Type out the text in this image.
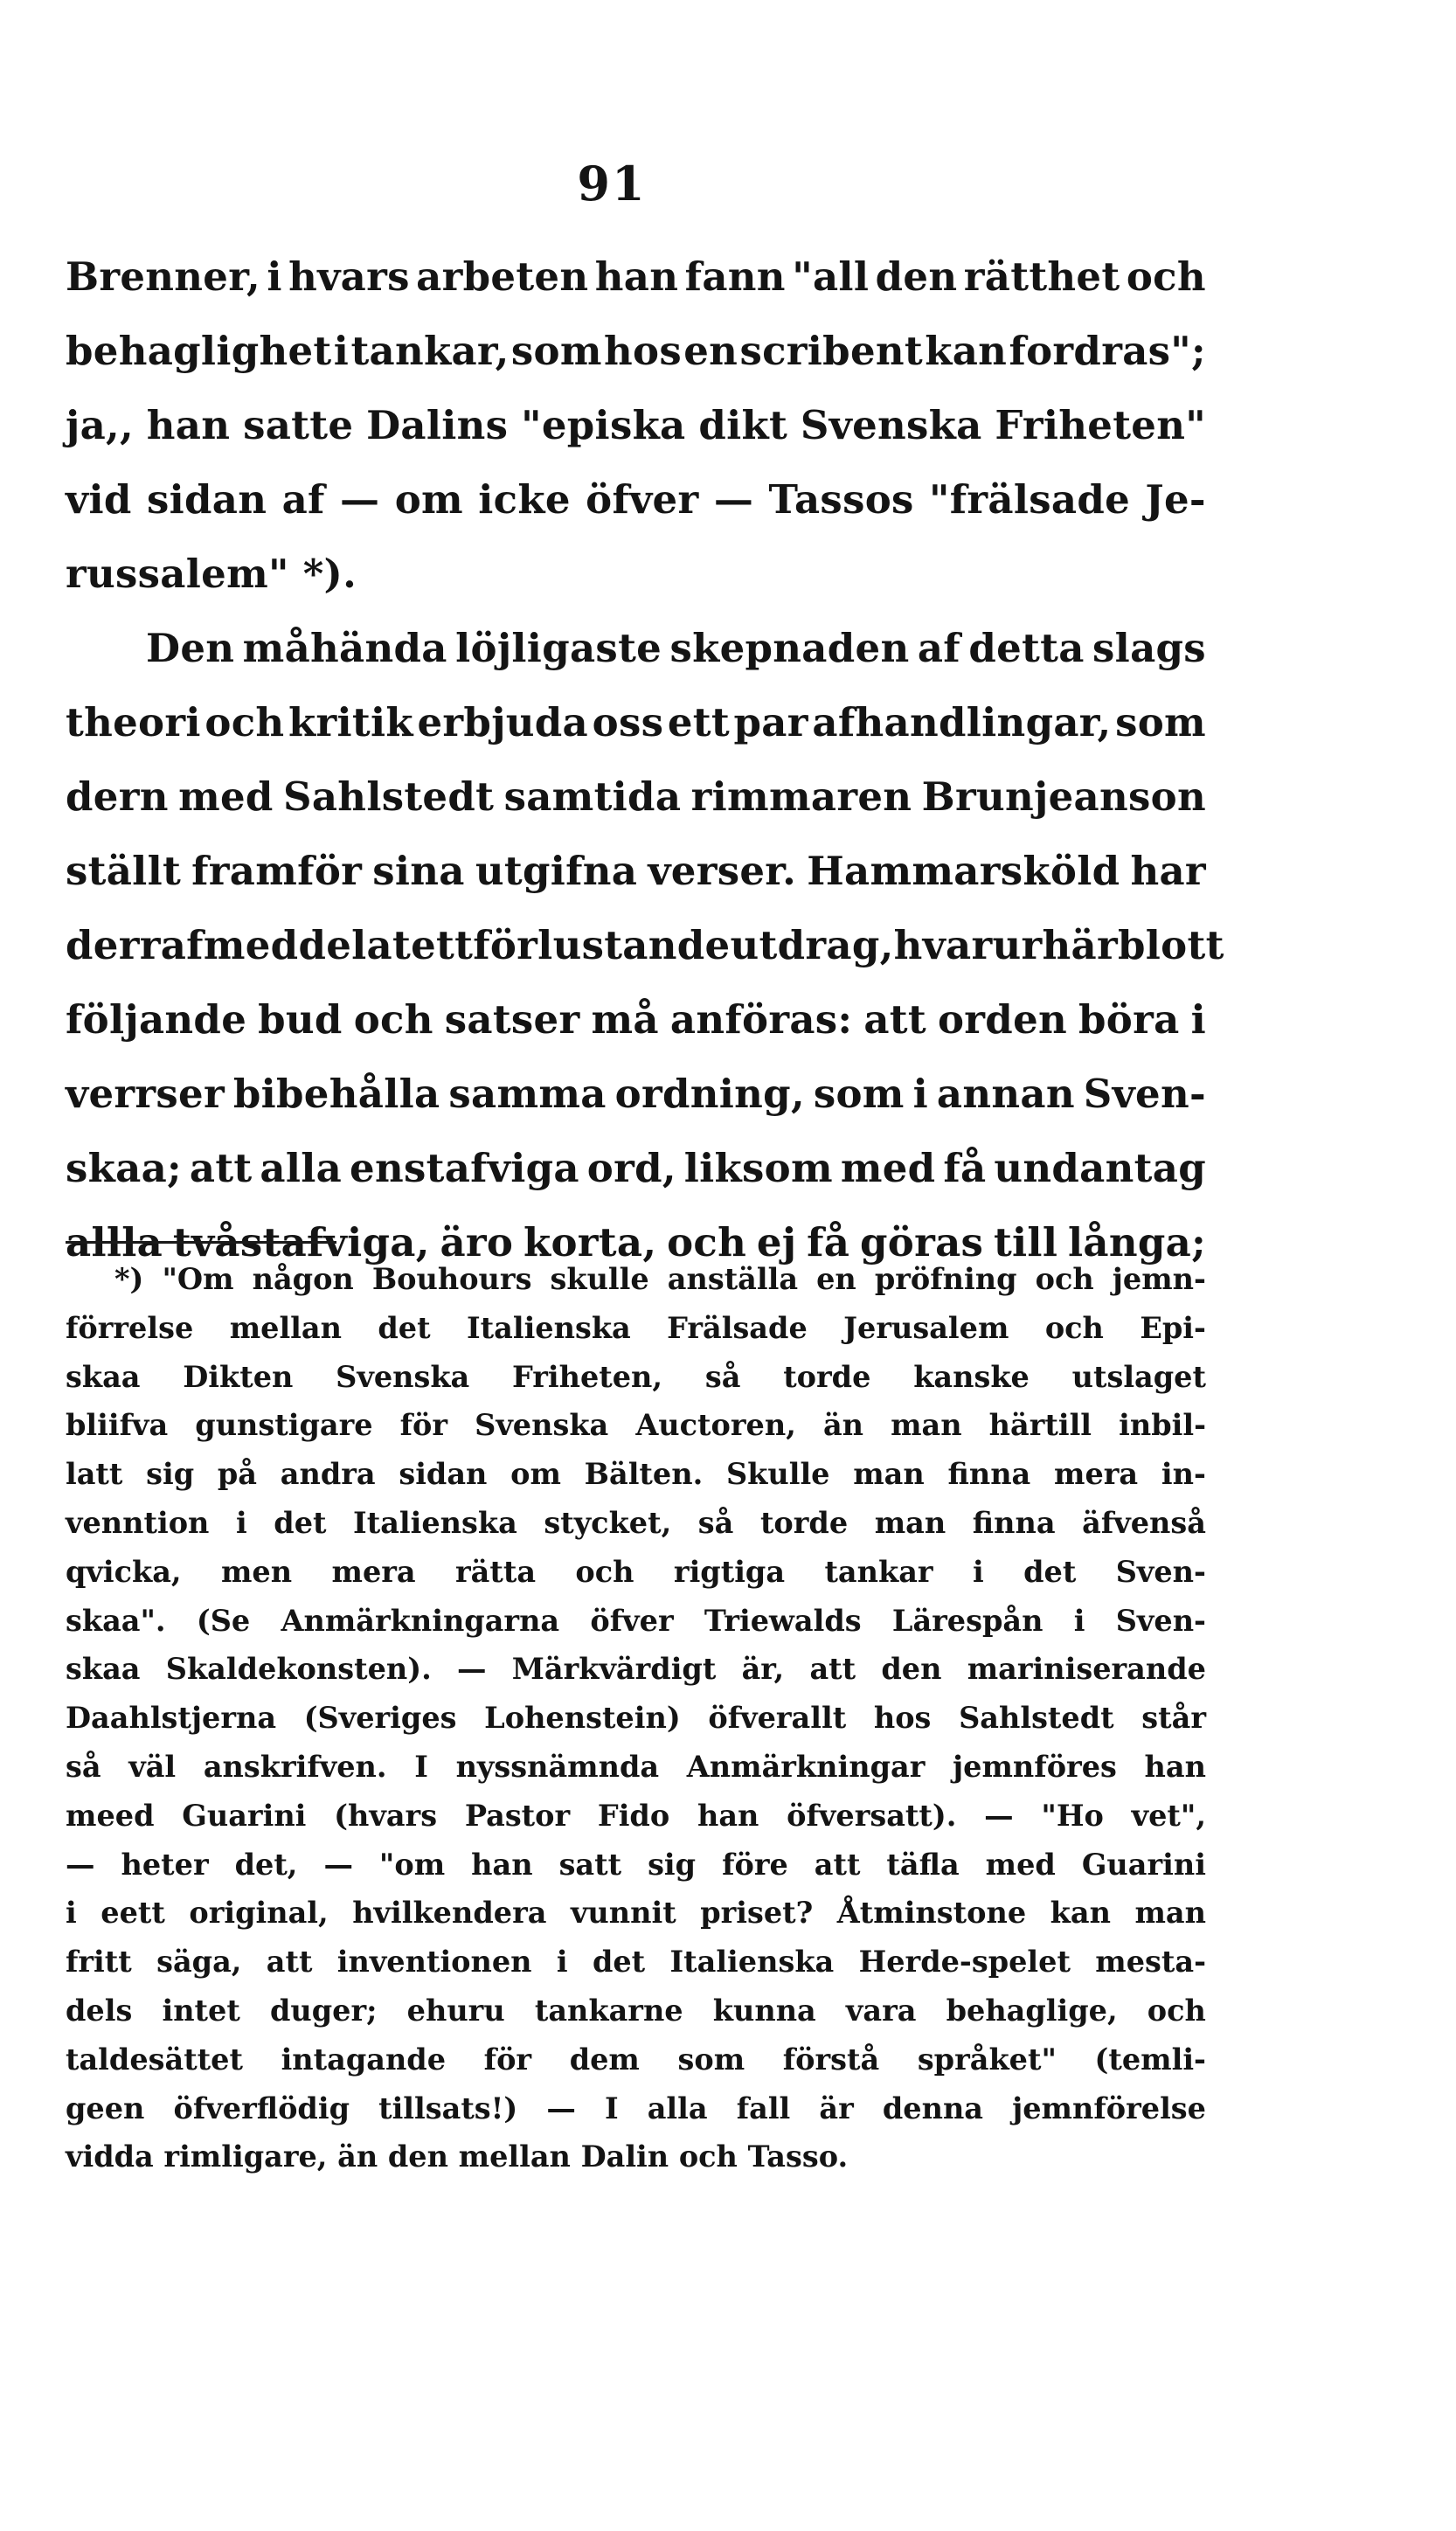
91
Brenner, i hvars arbeten han fann "all den rätthet och
behaglighet i tankar, som hos en scribent kan fordras";
ja,, han satte Dalins "episka dikt Svenska Friheten"
vid sidan af — om icke öfver — Tassos "frälsade Je-
russalem" *).
Den måhända löjligaste skepnaden af detta slags
theori och kritik erbjuda oss ett par afhandlingar, som
dern med Sahlstedt samtida rimmaren Brunjeanson
ställt framför sina utgifna verser. Hammarsköld har
derraf meddelat ett förlustande utdrag, hvarur här blott
följande bud och satser må anföras: att orden böra i
verrser bibehålla samma ordning, som i annan Sven-
skaa; att alla enstafviga ord, liksom med få undantag
allla tvåstafviga, äro korta, och ej få göras till långa;
*) "Om någon Bouhours skulle anställa en pröfning och jemn-
förrelse mellan det Italienska Frälsade Jerusalem och Epi-
skaa Dikten Svenska Friheten, så torde kanske utslaget
bliifva gunstigare för Svenska Auctoren, än man härtill inbil-
latt sig på andra sidan om Bälten. Skulle man finna mera in-
venntion i det Italienska stycket, så torde man finna äfvenså
qvicka, men mera rätta och rigtiga tankar i det Sven-
skaa". (Se Anmärkningarna öfver Triewalds Lärespån i Sven-
skaa Skaldekonsten). — Märkvärdigt är, att den mariniserande
Daahlstjerna (Sveriges Lohenstein) öfverallt hos Sahlstedt står
så väl anskrifven. I nyssnämnda Anmärkningar jemnföres han
meed Guarini (hvars Pastor Fido han öfversatt). — "Ho vet",
— heter det, — "om han satt sig före att täfla med Guarini
i eett original, hvilkendera vunnit priset? Åtminstone kan man
fritt säga, att inventionen i det Italienska Herde-spelet mesta-
dels intet duger; ehuru tankarne kunna vara behaglige, och
taldesättet intagande för dem som förstå språket" (temli-
geen öfverflödig tillsats!) — I alla fall är denna jemnförelse
vidda rimligare, än den mellan Dalin och Tasso.
